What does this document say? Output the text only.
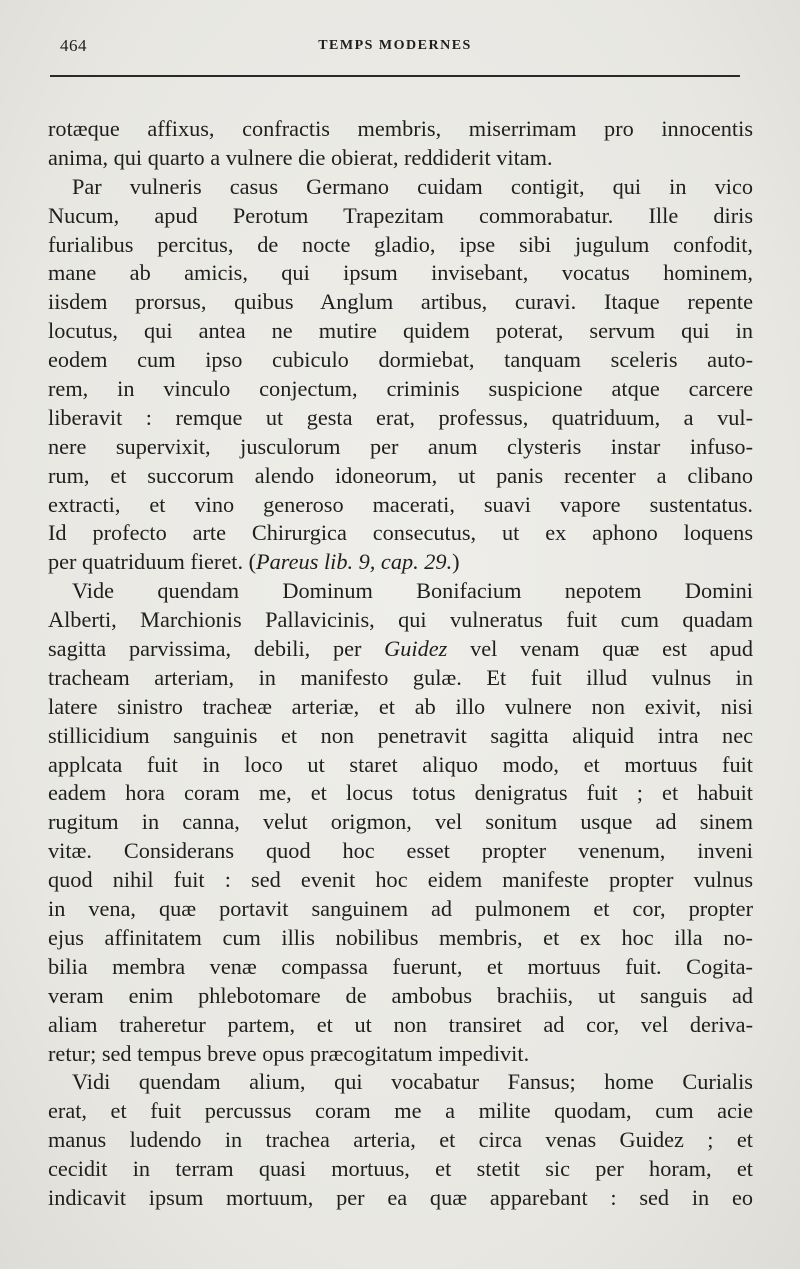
464	TEMPS MODERNES

rotæque affixus, confractis membris, miserrimam pro innocentis
anima, qui quarto a vulnere die obierat, reddiderit vitam.

Par vulneris casus Germano cuidam contigit, qui in vico
Nucum, apud Perotum Trapezitam commorabatur. Ille diris
furialibus percitus, de nocte gladio, ipse sibi jugulum confodit,
mane ab amicis, qui ipsum invisebant, vocatus hominem,
iisdem prorsus, quibus Anglum artibus, curavi. Itaque repente
locutus, qui antea ne mutire quidem poterat, servum qui in
eodem cum ipso cubiculo dormiebat, tanquam sceleris auto-
rem, in vinculo conjectum, criminis suspicione atque carcere
liberavit : remque ut gesta erat, professus, quatriduum, a vul-
nere supervixit, jusculorum per anum clysteris instar infuso-
rum, et succorum alendo idoneorum, ut panis recenter a clibano
extracti, et vino generoso macerati, suavi vapore sustentatus.
Id profecto arte Chirurgica consecutus, ut ex aphono loquens
per quatriduum fieret. (Pareus lib. 9, cap. 29.)

Vide quendam Dominum Bonifacium nepotem Domini
Alberti, Marchionis Pallavicinis, qui vulneratus fuit cum quadam
sagitta parvissima, debili, per Guidez vel venam quæ est apud
tracheam arteriam, in manifesto gulæ. Et fuit illud vulnus in
latere sinistro tracheæ arteriæ, et ab illo vulnere non exivit, nisi
stillicidium sanguinis et non penetravit sagitta aliquid intra nec
applcata fuit in loco ut staret aliquo modo, et mortuus fuit
eadem hora coram me, et locus totus denigratus fuit ; et habuit
rugitum in canna, velut origmon, vel sonitum usque ad sinem
vitæ. Considerans quod hoc esset propter venenum, inveni
quod nihil fuit : sed evenit hoc eidem manifeste propter vulnus
in vena, quæ portavit sanguinem ad pulmonem et cor, propter
ejus affinitatem cum illis nobilibus membris, et ex hoc illa no-
bilia membra venæ compassa fuerunt, et mortuus fuit. Cogita-
veram enim phlebotomare de ambobus brachiis, ut sanguis ad
aliam traheretur partem, et ut non transiret ad cor, vel deriva-
retur; sed tempus breve opus præcogitatum impedivit.

Vidi quendam alium, qui vocabatur Fansus; home Curialis
erat, et fuit percussus coram me a milite quodam, cum acie
manus ludendo in trachea arteria, et circa venas Guidez ; et
cecidit in terram quasi mortuus, et stetit sic per horam, et
indicavit ipsum mortuum, per ea quæ apparebant : sed in eo
